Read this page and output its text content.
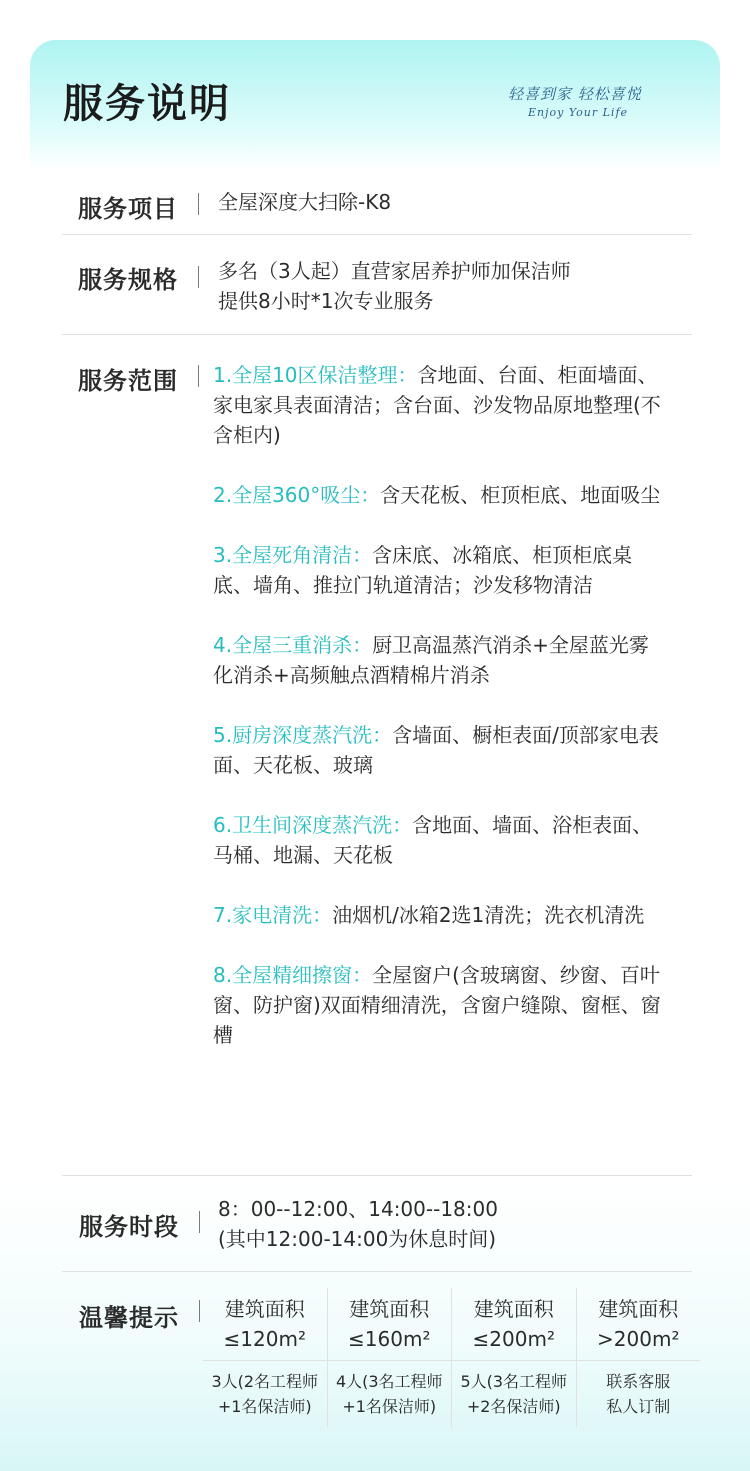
服务说明	轻喜到家 轻松喜悦
Enjoy Your Life
服务项目 全屋深度大扫除-K8
服务规格 多名（3人起）直营家居养护师加保洁师
提供8小时*1次专业服务
服务范围 1.全屋10区保洁整理：含地面、台面、柜面墙面、家电家具表面清洁；含台面、沙发物品原地整理(不含柜内)
2.全屋360°吸尘：含天花板、柜顶柜底、地面吸尘
3.全屋死角清洁：含床底、冰箱底、柜顶柜底桌底、墙角、推拉门轨道清洁；沙发移物清洁
4.全屋三重消杀：厨卫高温蒸汽消杀+全屋蓝光雾化消杀+高频触点酒精棉片消杀
5.厨房深度蒸汽洗：含墙面、橱柜表面/顶部家电表面、天花板、玻璃
6.卫生间深度蒸汽洗：含地面、墙面、浴柜表面、马桶、地漏、天花板
7.家电清洗：油烟机/冰箱2选1清洗；洗衣机清洗
8.全屋精细擦窗：全屋窗户(含玻璃窗、纱窗、百叶窗、防护窗)双面精细清洗，含窗户缝隙、窗框、窗槽
服务时段
8：00--12:00、14:00--18:00
(其中12:00-14:00为休息时间)
温馨提示	建筑面积
≤120m²
建筑面积
≤160m²
建筑面积
≤200m²
建筑面积
>200m²
3人(2名工程师
+1名保洁师)
4人(3名工程师
+1名保洁师)
5人(3名工程师
+2名保洁师)
联系客服
私人订制
